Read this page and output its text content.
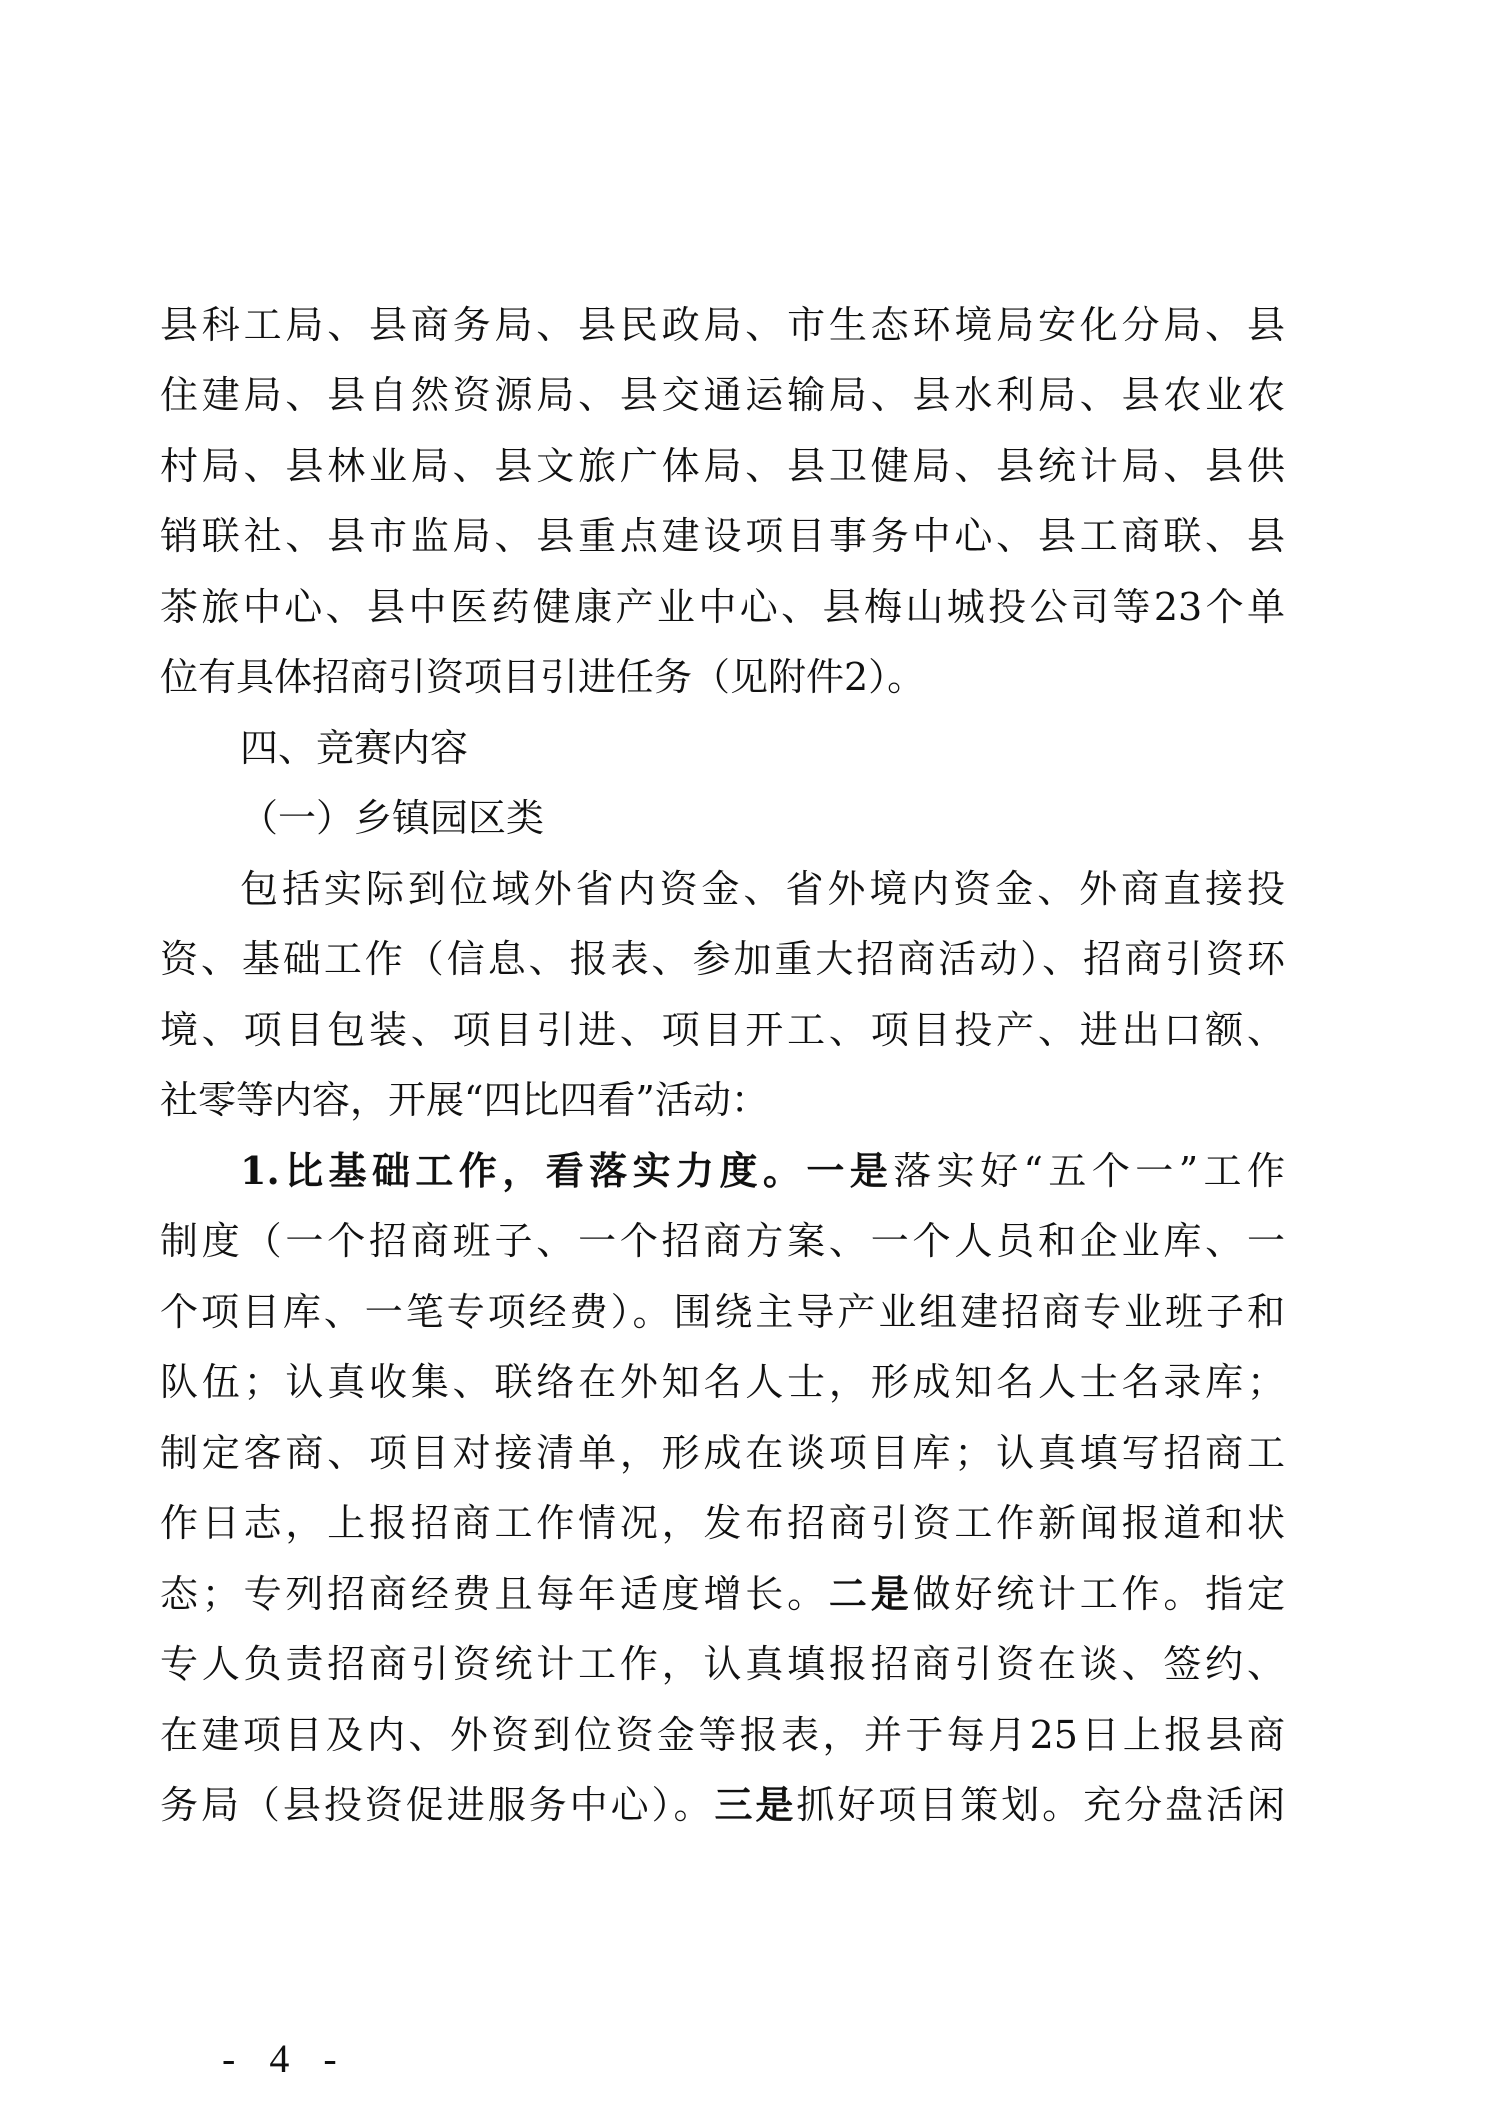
县科工局、县商务局、县民政局、市生态环境局安化分局、县
住建局、县自然资源局、县交通运输局、县水利局、县农业农
村局、县林业局、县文旅广体局、县卫健局、县统计局、县供
销联社、县市监局、县重点建设项目事务中心、县工商联、县
茶旅中心、县中医药健康产业中心、县梅山城投公司等23个单
位有具体招商引资项目引进任务（见附件2）。
四、竞赛内容
（一）乡镇园区类
包括实际到位域外省内资金、省外境内资金、外商直接投
资、基础工作（信息、报表、参加重大招商活动）、招商引资环
境、项目包装、项目引进、项目开工、项目投产、进出口额、
社零等内容，开展“四比四看”活动：
1.比基础工作，看落实力度。一是落实好“五个一”工作
制度（一个招商班子、一个招商方案、一个人员和企业库、一
个项目库、一笔专项经费）。围绕主导产业组建招商专业班子和
队伍；认真收集、联络在外知名人士，形成知名人士名录库；
制定客商、项目对接清单，形成在谈项目库；认真填写招商工
作日志，上报招商工作情况，发布招商引资工作新闻报道和状
态；专列招商经费且每年适度增长。二是做好统计工作。指定
专人负责招商引资统计工作，认真填报招商引资在谈、签约、
在建项目及内、外资到位资金等报表，并于每月25日上报县商
务局（县投资促进服务中心）。三是抓好项目策划。充分盘活闲
- 4 -
